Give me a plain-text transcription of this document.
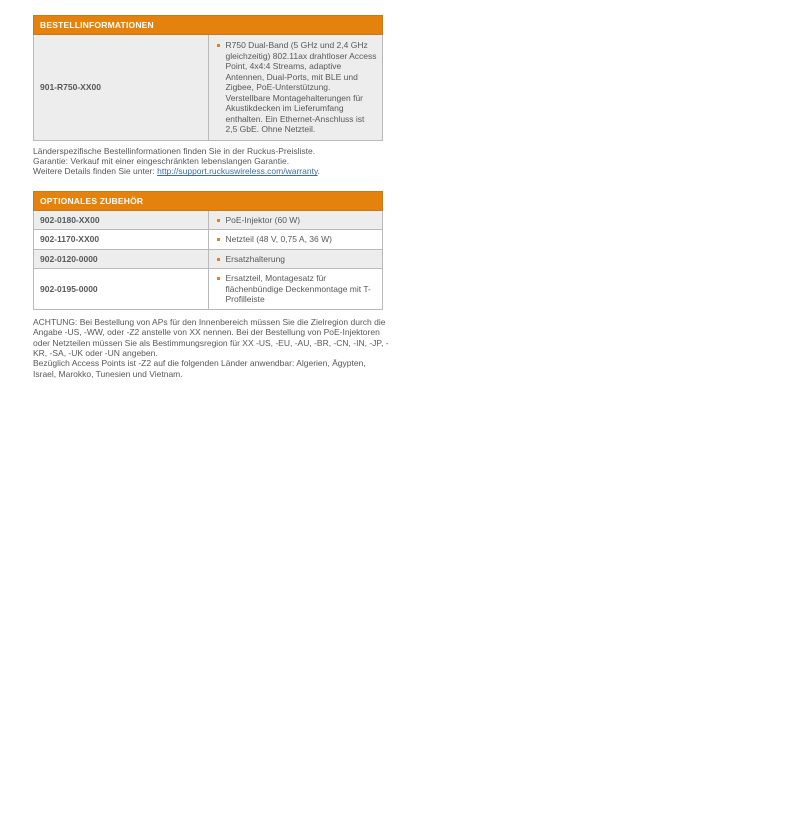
BESTELLINFORMATIONEN
901-R750-XX00	
R750 Dual-Band (5 GHz und 2,4 GHz gleichzeitig) 802.11ax drahtloser Access Point, 4x4:4 Streams, adaptive Antennen, Dual-Ports, mit BLE und Zigbee, PoE-Unterstützung. Verstellbare Montagehalterungen für Akustikdecken im Lieferumfang enthalten. Ein Ethernet-Anschluss ist 2,5 GbE. Ohne Netzteil.
Länderspezifische Bestellinformationen finden Sie in der Ruckus-Preisliste.
Garantie: Verkauf mit einer eingeschränkten lebenslangen Garantie.
Weitere Details finden Sie unter: http://support.ruckuswireless.com/warranty.
OPTIONALES ZUBEHÖR	
902-0180-XX00	PoE-Injektor (60 W)

902-1170-XX00	Netzteil (48 V, 0,75 A, 36 W)

902-0120-0000	Ersatzhalterung

902-0195-0000	Ersatzteil, Montagesatz für flächenbündige Deckenmontage mit T-Profilleiste

ACHTUNG: Bei Bestellung von APs für den Innenbereich müssen Sie die Zielregion durch die Angabe -US, -WW, oder -Z2 anstelle von XX nennen. Bei der Bestellung von PoE-Injektoren oder Netzteilen müssen Sie als Bestimmungsregion für XX -US, -EU, -AU, -BR, -CN, -IN, -JP, -KR, -SA, -UK oder -UN angeben.

Bezüglich Access Points ist -Z2 auf die folgenden Länder anwendbar: Algerien, Ägypten, Israel, Marokko, Tunesien und Vietnam.
